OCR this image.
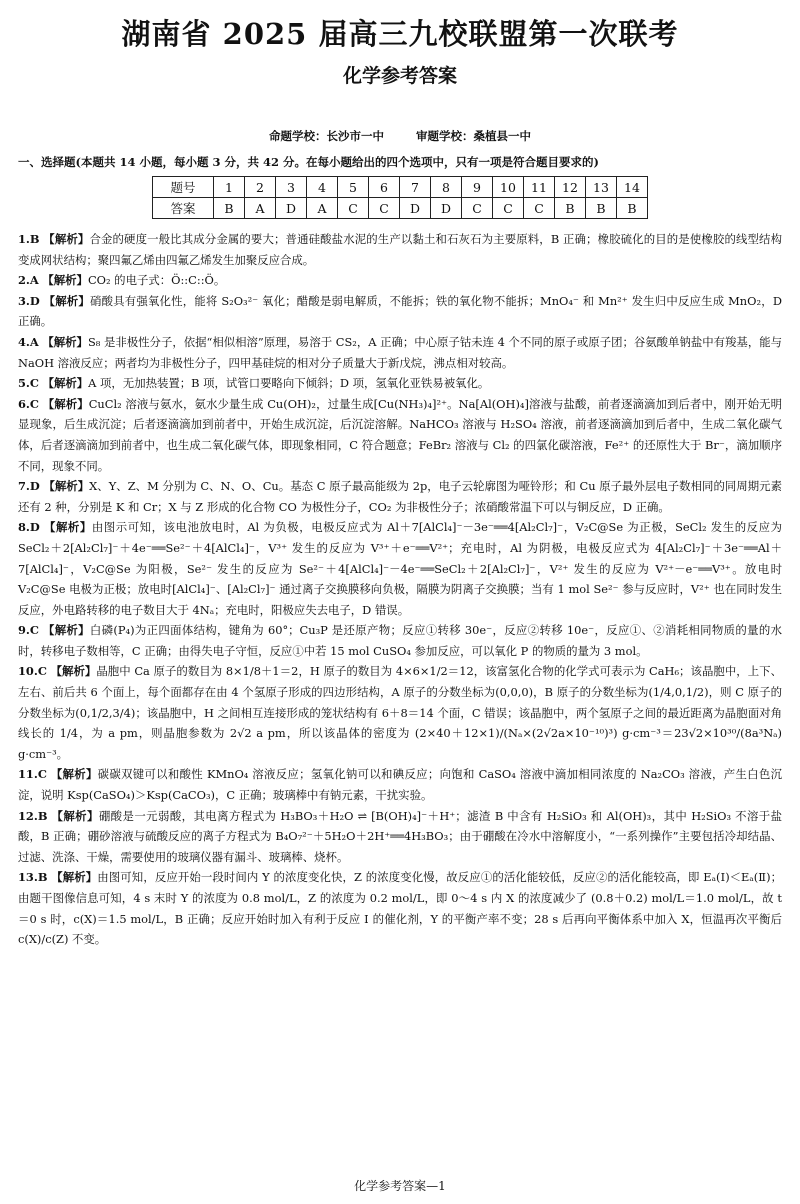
湖南省 2025 届高三九校联盟第一次联考
化学参考答案
命题学校：长沙市一中	审题学校：桑植县一中
一、选择题(本题共 14 小题，每小题 3 分，共 42 分。在每小题给出的四个选项中，只有一项是符合题目要求的)
题号	1	2	3	4	5	6	7	8	9	10	11	12	13	14
答案	B	A	D	A	C	C	D	D	C	C	C	B	B	B
1.B 【解析】合金的硬度一般比其成分金属的要大；普通硅酸盐水泥的生产以黏土和石灰石为主要原料，B 正确；橡胶硫化的目的是使橡胶的线型结构变成网状结构；聚四氟乙烯由四氟乙烯发生加聚反应合成。
2.A 【解析】CO₂ 的电子式：Ö::C::Ö。
3.D 【解析】硝酸具有强氧化性，能将 S₂O₃²⁻ 氧化；醋酸是弱电解质，不能拆；铁的氧化物不能拆；MnO₄⁻ 和 Mn²⁺ 发生归中反应生成 MnO₂，D 正确。
4.A 【解析】S₈ 是非极性分子，依据“相似相溶”原理，易溶于 CS₂，A 正确；中心原子钴未连 4 个不同的原子或原子团；谷氨酸单钠盐中有羧基，能与 NaOH 溶液反应；两者均为非极性分子，四甲基硅烷的相对分子质量大于新戊烷，沸点相对较高。
5.C 【解析】A 项，无加热装置；B 项，试管口要略向下倾斜；D 项，氢氧化亚铁易被氧化。
6.C 【解析】CuCl₂ 溶液与氨水，氨水少量生成 Cu(OH)₂，过量生成[Cu(NH₃)₄]²⁺。Na[Al(OH)₄]溶液与盐酸，前者逐滴滴加到后者中，刚开始无明显现象，后生成沉淀；后者逐滴滴加到前者中，开始生成沉淀，后沉淀溶解。NaHCO₃ 溶液与 H₂SO₄ 溶液，前者逐滴滴加到后者中，生成二氧化碳气体，后者逐滴滴加到前者中，也生成二氧化碳气体，即现象相同，C 符合题意；FeBr₂ 溶液与 Cl₂ 的四氯化碳溶液，Fe²⁺ 的还原性大于 Br⁻，滴加顺序不同，现象不同。
7.D 【解析】X、Y、Z、M 分别为 C、N、O、Cu。基态 C 原子最高能级为 2p，电子云轮廓图为哑铃形；和 Cu 原子最外层电子数相同的同周期元素还有 2 种，分别是 K 和 Cr；X 与 Z 形成的化合物 CO 为极性分子，CO₂ 为非极性分子；浓硝酸常温下可以与铜反应，D 正确。
8.D 【解析】由图示可知，该电池放电时，Al 为负极，电极反应式为 Al＋7[AlCl₄]⁻－3e⁻══4[Al₂Cl₇]⁻，V₂C@Se 为正极，SeCl₂ 发生的反应为 SeCl₂＋2[Al₂Cl₇]⁻＋4e⁻══Se²⁻＋4[AlCl₄]⁻，V³⁺ 发生的反应为 V³⁺＋e⁻══V²⁺；充电时，Al 为阴极，电极反应式为 4[Al₂Cl₇]⁻＋3e⁻══Al＋7[AlCl₄]⁻，V₂C@Se 为阳极，Se²⁻ 发生的反应为 Se²⁻＋4[AlCl₄]⁻－4e⁻══SeCl₂＋2[Al₂Cl₇]⁻，V²⁺ 发生的反应为 V²⁺－e⁻══V³⁺。放电时 V₂C@Se 电极为正极；放电时[AlCl₄]⁻、[Al₂Cl₇]⁻ 通过离子交换膜移向负极，隔膜为阴离子交换膜；当有 1 mol Se²⁻ 参与反应时，V²⁺ 也在同时发生反应，外电路转移的电子数目大于 4Nₐ；充电时，阳极应失去电子，D 错误。
9.C 【解析】白磷(P₄)为正四面体结构，键角为 60°；Cu₃P 是还原产物；反应①转移 30e⁻，反应②转移 10e⁻，反应①、②消耗相同物质的量的水时，转移电子数相等，C 正确；由得失电子守恒，反应①中若 15 mol CuSO₄ 参加反应，可以氧化 P 的物质的量为 3 mol。
10.C 【解析】晶胞中 Ca 原子的数目为 8×1/8＋1＝2，H 原子的数目为 4×6×1/2＝12，该富氢化合物的化学式可表示为 CaH₆；该晶胞中，上下、左右、前后共 6 个面上，每个面都存在由 4 个氢原子形成的四边形结构，A 原子的分数坐标为(0,0,0)，B 原子的分数坐标为(1/4,0,1/2)，则 C 原子的分数坐标为(0,1/2,3/4)；该晶胞中，H 之间相互连接形成的笼状结构有 6＋8＝14 个面，C 错误；该晶胞中，两个氢原子之间的最近距离为晶胞面对角线长的 1/4，为 a pm，则晶胞参数为 2√2 a pm，所以该晶体的密度为 (2×40＋12×1)/(Nₐ×(2√2a×10⁻¹⁰)³) g·cm⁻³＝23√2×10³⁰/(8a³Nₐ) g·cm⁻³。
11.C 【解析】碳碳双键可以和酸性 KMnO₄ 溶液反应；氢氧化钠可以和碘反应；向饱和 CaSO₄ 溶液中滴加相同浓度的 Na₂CO₃ 溶液，产生白色沉淀，说明 Ksp(CaSO₄)＞Ksp(CaCO₃)，C 正确；玻璃棒中有钠元素，干扰实验。
12.B 【解析】硼酸是一元弱酸，其电离方程式为 H₃BO₃＋H₂O ⇌ [B(OH)₄]⁻＋H⁺；滤渣 B 中含有 H₂SiO₃ 和 Al(OH)₃，其中 H₂SiO₃ 不溶于盐酸，B 正确；硼砂溶液与硫酸反应的离子方程式为 B₄O₇²⁻＋5H₂O＋2H⁺══4H₃BO₃；由于硼酸在冷水中溶解度小，“一系列操作”主要包括冷却结晶、过滤、洗涤、干燥，需要使用的玻璃仪器有漏斗、玻璃棒、烧杯。
13.B 【解析】由图可知，反应开始一段时间内 Y 的浓度变化快，Z 的浓度变化慢，故反应①的活化能较低，反应②的活化能较高，即 Eₐ(Ⅰ)＜Eₐ(Ⅱ)；由题干图像信息可知，4 s 末时 Y 的浓度为 0.8 mol/L，Z 的浓度为 0.2 mol/L，即 0～4 s 内 X 的浓度减少了 (0.8＋0.2) mol/L＝1.0 mol/L，故 t＝0 s 时，c(X)＝1.5 mol/L，B 正确；反应开始时加入有利于反应 Ⅰ 的催化剂，Y 的平衡产率不变；28 s 后再向平衡体系中加入 X，恒温再次平衡后 c(X)/c(Z) 不变。
化学参考答案—1
